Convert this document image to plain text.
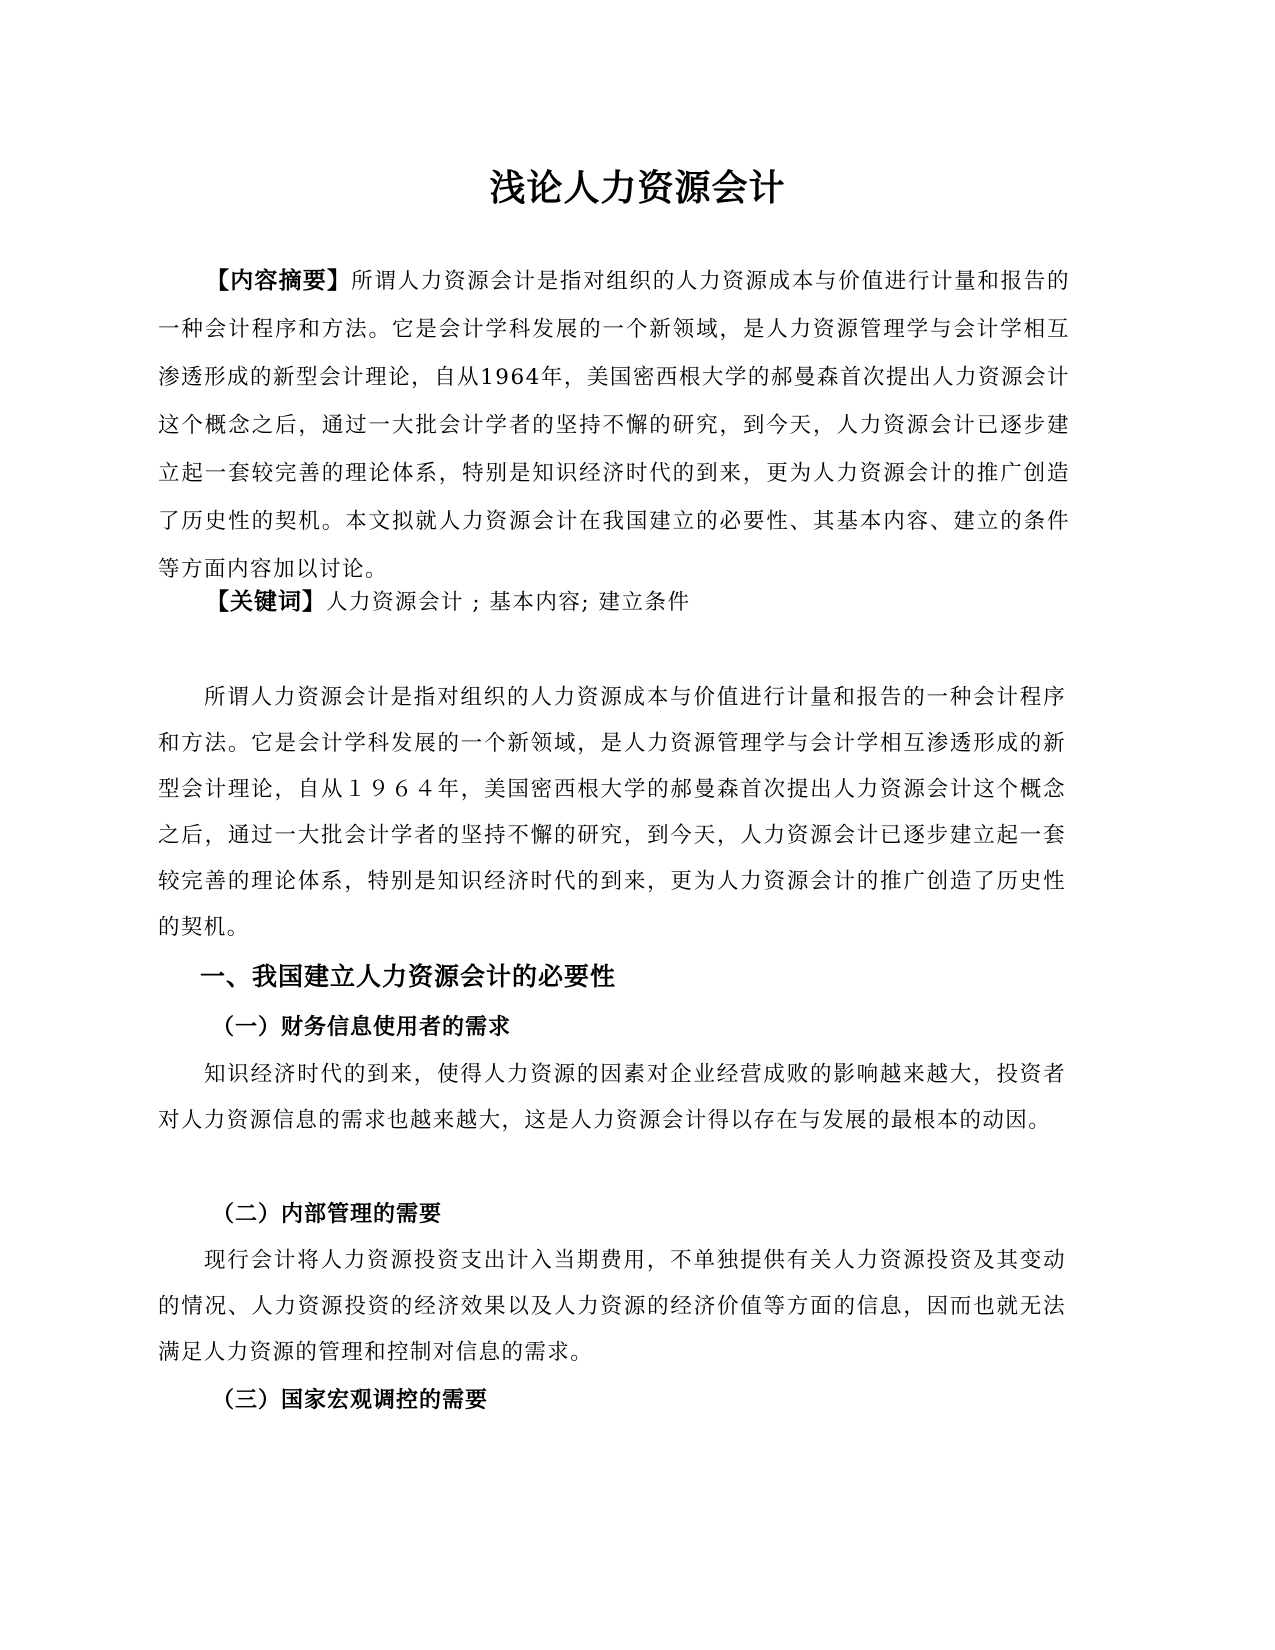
浅论人力资源会计

【内容摘要】所谓人力资源会计是指对组织的人力资源成本与价值进行计量和报告的一种会计程序和方法。它是会计学科发展的一个新领域，是人力资源管理学与会计学相互渗透形成的新型会计理论，自从1964年，美国密西根大学的郝曼森首次提出人力资源会计这个概念之后，通过一大批会计学者的坚持不懈的研究，到今天，人力资源会计已逐步建立起一套较完善的理论体系，特别是知识经济时代的到来，更为人力资源会计的推广创造了历史性的契机。本文拟就人力资源会计在我国建立的必要性、其基本内容、建立的条件等方面内容加以讨论。

【关键词】人力资源会计 ; 基本内容; 建立条件

所谓人力资源会计是指对组织的人力资源成本与价值进行计量和报告的一种会计程序和方法。它是会计学科发展的一个新领域，是人力资源管理学与会计学相互渗透形成的新型会计理论，自从１９６４年，美国密西根大学的郝曼森首次提出人力资源会计这个概念之后，通过一大批会计学者的坚持不懈的研究，到今天，人力资源会计已逐步建立起一套较完善的理论体系，特别是知识经济时代的到来，更为人力资源会计的推广创造了历史性的契机。

一、我国建立人力资源会计的必要性
（一）财务信息使用者的需求

知识经济时代的到来，使得人力资源的因素对企业经营成败的影响越来越大，投资者对人力资源信息的需求也越来越大，这是人力资源会计得以存在与发展的最根本的动因。

（二）内部管理的需要

现行会计将人力资源投资支出计入当期费用，不单独提供有关人力资源投资及其变动的情况、人力资源投资的经济效果以及人力资源的经济价值等方面的信息，因而也就无法满足人力资源的管理和控制对信息的需求。

（三）国家宏观调控的需要
